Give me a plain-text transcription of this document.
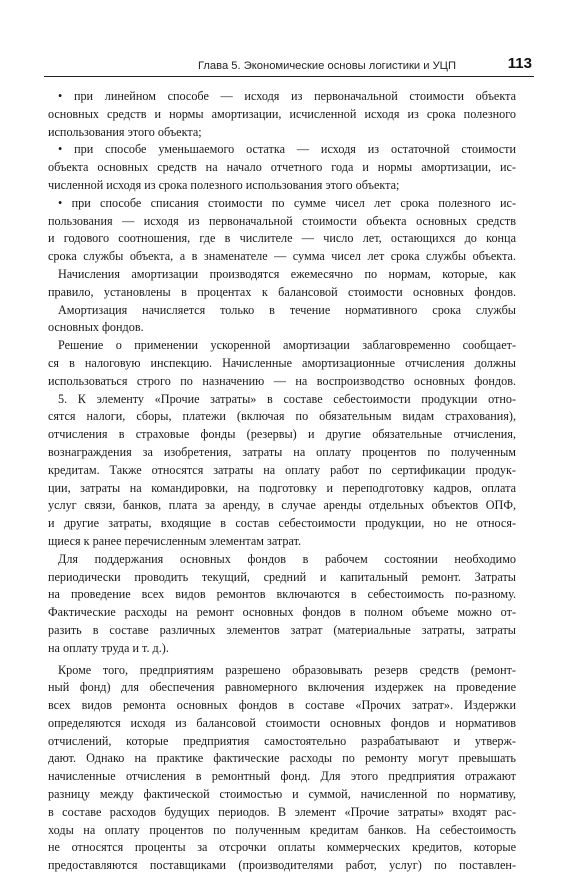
Глава 5. Экономические основы логистики и УЦП	113
• при линейном способе — исходя из первоначальной стоимости объекта
основных средств и нормы амортизации, исчисленной исходя из срока полезного
использования этого объекта;
• при способе уменьшаемого остатка — исходя из остаточной стоимости
объекта основных средств на начало отчетного года и нормы амортизации, ис-
численной исходя из срока полезного использования этого объекта;
• при способе списания стоимости по сумме чисел лет срока полезного ис-
пользования — исходя из первоначальной стоимости объекта основных средств
и годового соотношения, где в числителе — число лет, остающихся до конца
срока службы объекта, а в знаменателе — сумма чисел лет срока службы объекта.
Начисления амортизации производятся ежемесячно по нормам, которые, как
правило, установлены в процентах к балансовой стоимости основных фондов.
Амортизация начисляется только в течение нормативного срока службы
основных фондов.
Решение о применении ускоренной амортизации заблаговременно сообщает-
ся в налоговую инспекцию. Начисленные амортизационные отчисления должны
использоваться строго по назначению — на воспроизводство основных фондов.
5. К элементу «Прочие затраты» в составе себестоимости продукции отно-
сятся налоги, сборы, платежи (включая по обязательным видам страхования),
отчисления в страховые фонды (резервы) и другие обязательные отчисления,
вознаграждения за изобретения, затраты на оплату процентов по полученным
кредитам. Также относятся затраты на оплату работ по сертификации продук-
ции, затраты на командировки, на подготовку и переподготовку кадров, оплата
услуг связи, банков, плата за аренду, в случае аренды отдельных объектов ОПФ,
и другие затраты, входящие в состав себестоимости продукции, но не относя-
щиеся к ранее перечисленным элементам затрат.
Для поддержания основных фондов в рабочем состоянии необходимо
периодически проводить текущий, средний и капитальный ремонт. Затраты
на проведение всех видов ремонтов включаются в себестоимость по-разному.
Фактические расходы на ремонт основных фондов в полном объеме можно от-
разить в составе различных элементов затрат (материальные затраты, затраты
на оплату труда и т. д.).
Кроме того, предприятиям разрешено образовывать резерв средств (ремонт-
ный фонд) для обеспечения равномерного включения издержек на проведение
всех видов ремонта основных фондов в составе «Прочих затрат». Издержки
определяются исходя из балансовой стоимости основных фондов и нормативов
отчислений, которые предприятия самостоятельно разрабатывают и утверж-
дают. Однако на практике фактические расходы по ремонту могут превышать
начисленные отчисления в ремонтный фонд. Для этого предприятия отражают
разницу между фактической стоимостью и суммой, начисленной по нормативу,
в составе расходов будущих периодов. В элемент «Прочие затраты» входят рас-
ходы на оплату процентов по полученным кредитам банков. На себестоимость
не относятся проценты за отсрочки оплаты коммерческих кредитов, которые
предоставляются поставщиками (производителями работ, услуг) по поставлен-
